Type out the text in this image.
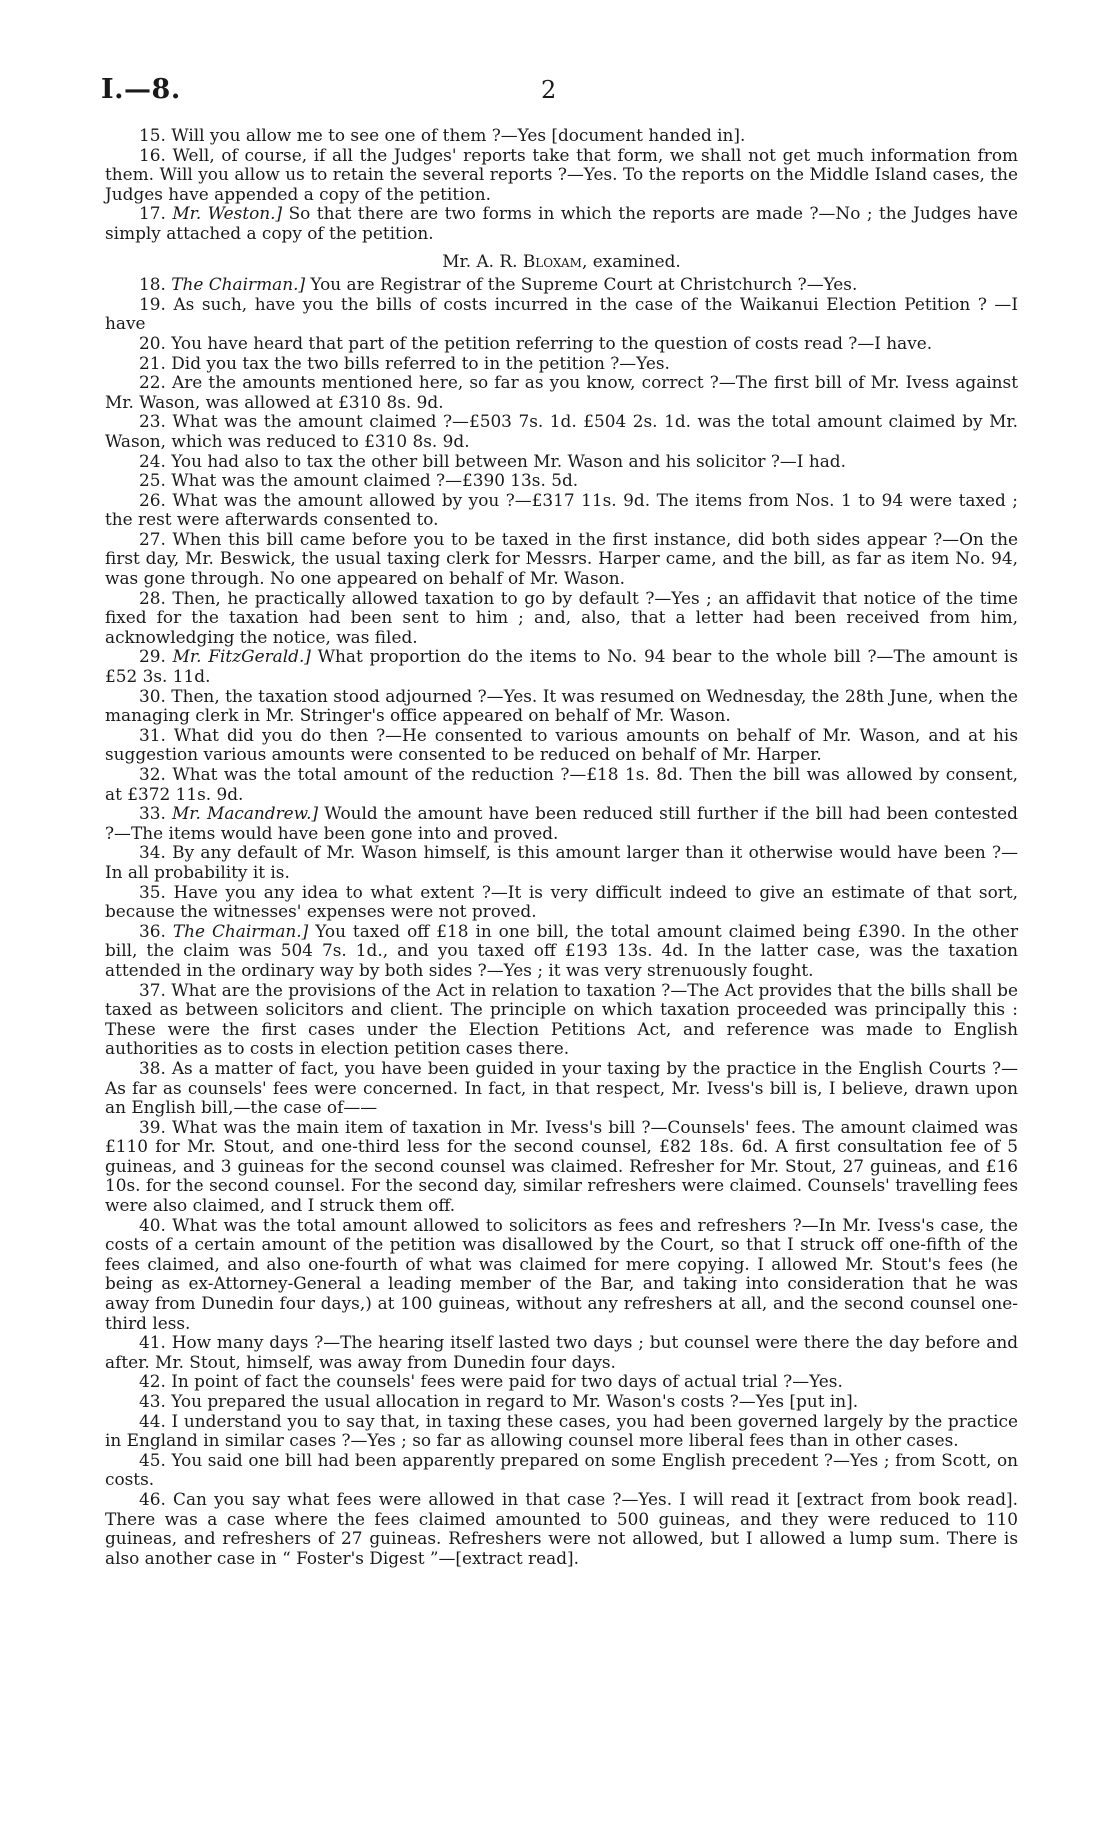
I.—8.	2

15. Will you allow me to see one of them ?—Yes [document handed in].

16. Well, of course, if all the Judges' reports take that form, we shall not get much information from them. Will you allow us to retain the several reports ?—Yes. To the reports on the Middle Island cases, the Judges have appended a copy of the petition.

17. Mr. Weston.] So that there are two forms in which the reports are made ?—No ; the Judges have simply attached a copy of the petition.

Mr. A. R. Bloxam, examined.

18. The Chairman.] You are Registrar of the Supreme Court at Christchurch ?—Yes.

19. As such, have you the bills of costs incurred in the case of the Waikanui Election Petition ? —I have

20. You have heard that part of the petition referring to the question of costs read ?—I have.

21. Did you tax the two bills referred to in the petition ?—Yes.

22. Are the amounts mentioned here, so far as you know, correct ?—The first bill of Mr. Ivess against Mr. Wason, was allowed at £310 8s. 9d.

23. What was the amount claimed ?—£503 7s. 1d. £504 2s. 1d. was the total amount claimed by Mr. Wason, which was reduced to £310 8s. 9d.

24. You had also to tax the other bill between Mr. Wason and his solicitor ?—I had.

25. What was the amount claimed ?—£390 13s. 5d.

26. What was the amount allowed by you ?—£317 11s. 9d. The items from Nos. 1 to 94 were taxed ; the rest were afterwards consented to.

27. When this bill came before you to be taxed in the first instance, did both sides appear ?—On the first day, Mr. Beswick, the usual taxing clerk for Messrs. Harper came, and the bill, as far as item No. 94, was gone through. No one appeared on behalf of Mr. Wason.

28. Then, he practically allowed taxation to go by default ?—Yes ; an affidavit that notice of the time fixed for the taxation had been sent to him ; and, also, that a letter had been received from him, acknowledging the notice, was filed.

29. Mr. FitzGerald.] What proportion do the items to No. 94 bear to the whole bill ?—The amount is £52 3s. 11d.

30. Then, the taxation stood adjourned ?—Yes. It was resumed on Wednesday, the 28th June, when the managing clerk in Mr. Stringer's office appeared on behalf of Mr. Wason.

31. What did you do then ?—He consented to various amounts on behalf of Mr. Wason, and at his suggestion various amounts were consented to be reduced on behalf of Mr. Harper.

32. What was the total amount of the reduction ?—£18 1s. 8d. Then the bill was allowed by consent, at £372 11s. 9d.

33. Mr. Macandrew.] Would the amount have been reduced still further if the bill had been contested ?—The items would have been gone into and proved.

34. By any default of Mr. Wason himself, is this amount larger than it otherwise would have been ?—In all probability it is.

35. Have you any idea to what extent ?—It is very difficult indeed to give an estimate of that sort, because the witnesses' expenses were not proved.

36. The Chairman.] You taxed off £18 in one bill, the total amount claimed being £390. In the other bill, the claim was 504 7s. 1d., and you taxed off £193 13s. 4d. In the latter case, was the taxation attended in the ordinary way by both sides ?—Yes ; it was very strenuously fought.

37. What are the provisions of the Act in relation to taxation ?—The Act provides that the bills shall be taxed as between solicitors and client. The principle on which taxation proceeded was principally this : These were the first cases under the Election Petitions Act, and reference was made to English authorities as to costs in election petition cases there.

38. As a matter of fact, you have been guided in your taxing by the practice in the English Courts ?—As far as counsels' fees were concerned. In fact, in that respect, Mr. Ivess's bill is, I believe, drawn upon an English bill,—the case of——

39. What was the main item of taxation in Mr. Ivess's bill ?—Counsels' fees. The amount claimed was £110 for Mr. Stout, and one-third less for the second counsel, £82 18s. 6d. A first consultation fee of 5 guineas, and 3 guineas for the second counsel was claimed. Refresher for Mr. Stout, 27 guineas, and £16 10s. for the second counsel. For the second day, similar refreshers were claimed. Counsels' travelling fees were also claimed, and I struck them off.

40. What was the total amount allowed to solicitors as fees and refreshers ?—In Mr. Ivess's case, the costs of a certain amount of the petition was disallowed by the Court, so that I struck off one-fifth of the fees claimed, and also one-fourth of what was claimed for mere copying. I allowed Mr. Stout's fees (he being as ex-Attorney-General a leading member of the Bar, and taking into consideration that he was away from Dunedin four days,) at 100 guineas, without any refreshers at all, and the second counsel one-third less.

41. How many days ?—The hearing itself lasted two days ; but counsel were there the day before and after. Mr. Stout, himself, was away from Dunedin four days.

42. In point of fact the counsels' fees were paid for two days of actual trial ?—Yes.

43. You prepared the usual allocation in regard to Mr. Wason's costs ?—Yes [put in].

44. I understand you to say that, in taxing these cases, you had been governed largely by the practice in England in similar cases ?—Yes ; so far as allowing counsel more liberal fees than in other cases.

45. You said one bill had been apparently prepared on some English precedent ?—Yes ; from Scott, on costs.

46. Can you say what fees were allowed in that case ?—Yes. I will read it [extract from book read]. There was a case where the fees claimed amounted to 500 guineas, and they were reduced to 110 guineas, and refreshers of 27 guineas. Refreshers were not allowed, but I allowed a lump sum. There is also another case in “ Foster's Digest ”—[extract read].
